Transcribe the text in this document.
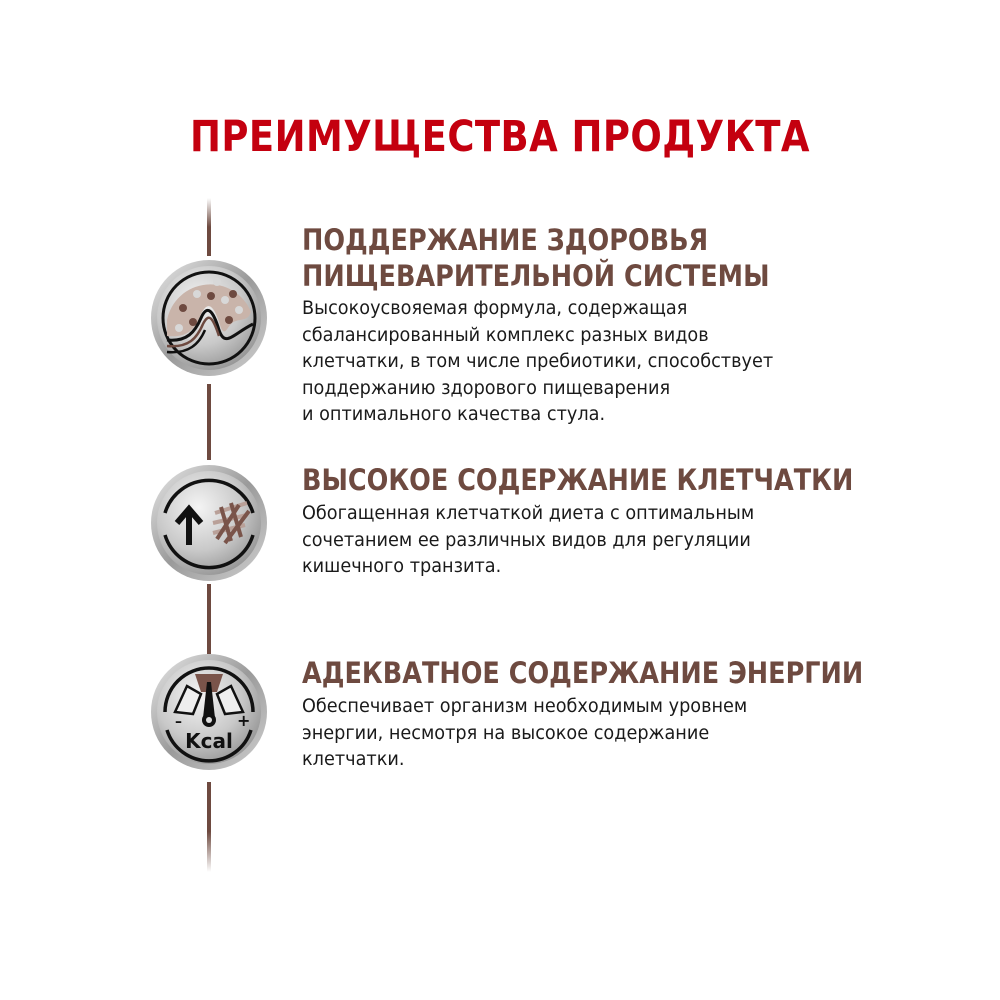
ПРЕИМУЩЕСТВА ПРОДУКТА
–	+
Kcal
ПОДДЕРЖАНИЕ ЗДОРОВЬЯ
ПИЩЕВАРИТЕЛЬНОЙ СИСТЕМЫ
Высокоусвояемая формула, содержащая
сбалансированный комплекс разных видов
клетчатки, в том числе пребиотики, способствует
поддержанию здорового пищеварения
и оптимального качества стула.
ВЫСОКОЕ СОДЕРЖАНИЕ КЛЕТЧАТКИ
Обогащенная клетчаткой диета с оптимальным
сочетанием ее различных видов для регуляции
кишечного транзита.
АДЕКВАТНОЕ СОДЕРЖАНИЕ ЭНЕРГИИ
Обеспечивает организм необходимым уровнем
энергии, несмотря на высокое содержание
клетчатки.
